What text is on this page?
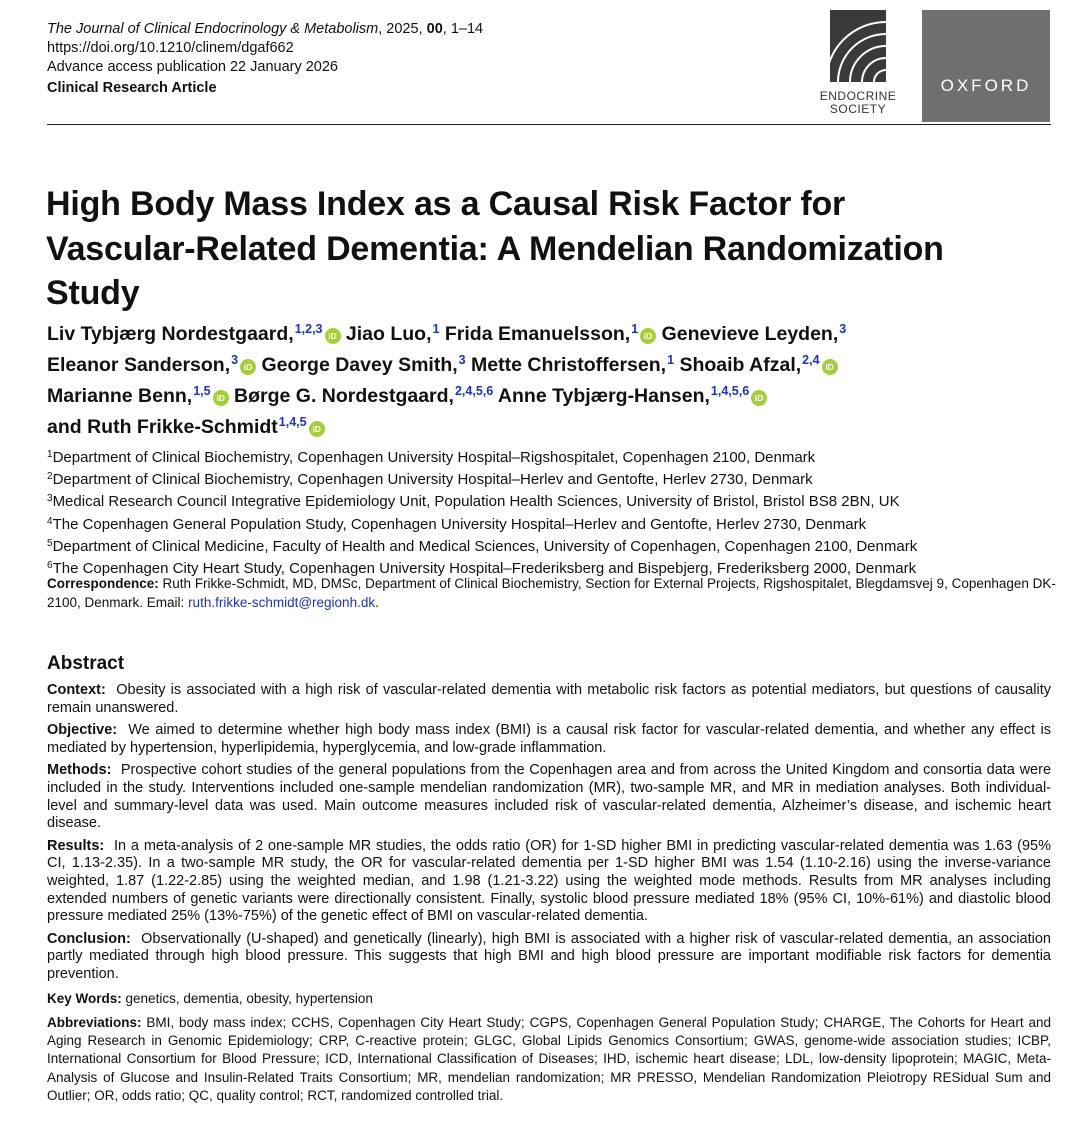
The Journal of Clinical Endocrinology & Metabolism, 2025, 00, 1–14
https://doi.org/10.1210/clinem/dgaf662
Advance access publication 22 January 2026
Clinical Research Article	ENDOCRINE
SOCIETY
OXFORD
High Body Mass Index as a Causal Risk Factor for Vascular-Related Dementia: A Mendelian Randomization Study
Liv Tybjærg Nordestgaard,$^{1,2,3}$ iD Jiao Luo,$^1$ Frida Emanuelsson,$^1$ iD Genevieve Leyden,$^3$
Eleanor Sanderson,$^3$ iD George Davey Smith,$^3$ Mette Christoffersen,$^1$ Shoaib Afzal,$^{2,4}$ iD
Marianne Benn,$^{1,5}$ iD Børge G. Nordestgaard,$^{2,4,5,6}$ Anne Tybjærg-Hansen,$^{1,4,5,6}$ iD
and Ruth Frikke-Schmidt$^{1,4,5}$ iD
$^1$Department of Clinical Biochemistry, Copenhagen University Hospital–Rigshospitalet, Copenhagen 2100, Denmark
$^2$Department of Clinical Biochemistry, Copenhagen University Hospital–Herlev and Gentofte, Herlev 2730, Denmark
$^3$Medical Research Council Integrative Epidemiology Unit, Population Health Sciences, University of Bristol, Bristol BS8 2BN, UK
$^4$The Copenhagen General Population Study, Copenhagen University Hospital–Herlev and Gentofte, Herlev 2730, Denmark
$^5$Department of Clinical Medicine, Faculty of Health and Medical Sciences, University of Copenhagen, Copenhagen 2100, Denmark
$^6$The Copenhagen City Heart Study, Copenhagen University Hospital–Frederiksberg and Bispebjerg, Frederiksberg 2000, Denmark
Correspondence: Ruth Frikke-Schmidt, MD, DMSc, Department of Clinical Biochemistry, Section for External Projects, Rigshospitalet, Blegdamsvej 9, Copenhagen DK-2100, Denmark. Email: ruth.frikke-schmidt@regionh.dk.
Abstract
Context: Obesity is associated with a high risk of vascular-related dementia with metabolic risk factors as potential mediators, but questions of causality remain unanswered.
Objective: We aimed to determine whether high body mass index (BMI) is a causal risk factor for vascular-related dementia, and whether any effect is mediated by hypertension, hyperlipidemia, hyperglycemia, and low-grade inflammation.
Methods: Prospective cohort studies of the general populations from the Copenhagen area and from across the United Kingdom and consortia data were included in the study. Interventions included one-sample mendelian randomization (MR), two-sample MR, and MR in mediation analyses. Both individual-level and summary-level data was used. Main outcome measures included risk of vascular-related dementia, Alzheimer’s disease, and ischemic heart disease.
Results: In a meta-analysis of 2 one-sample MR studies, the odds ratio (OR) for 1-SD higher BMI in predicting vascular-related dementia was 1.63 (95% CI, 1.13-2.35). In a two-sample MR study, the OR for vascular-related dementia per 1-SD higher BMI was 1.54 (1.10-2.16) using the inverse-variance weighted, 1.87 (1.22-2.85) using the weighted median, and 1.98 (1.21-3.22) using the weighted mode methods. Results from MR analyses including extended numbers of genetic variants were directionally consistent. Finally, systolic blood pressure mediated 18% (95% CI, 10%-61%) and diastolic blood pressure mediated 25% (13%-75%) of the genetic effect of BMI on vascular-related dementia.
Conclusion: Observationally (U-shaped) and genetically (linearly), high BMI is associated with a higher risk of vascular-related dementia, an association partly mediated through high blood pressure. This suggests that high BMI and high blood pressure are important modifiable risk factors for dementia prevention.
Key Words: genetics, dementia, obesity, hypertension
Abbreviations: BMI, body mass index; CCHS, Copenhagen City Heart Study; CGPS, Copenhagen General Population Study; CHARGE, The Cohorts for Heart and Aging Research in Genomic Epidemiology; CRP, C-reactive protein; GLGC, Global Lipids Genomics Consortium; GWAS, genome-wide association studies; ICBP, International Consortium for Blood Pressure; ICD, International Classification of Diseases; IHD, ischemic heart disease; LDL, low-density lipoprotein; MAGIC, Meta-Analysis of Glucose and Insulin-Related Traits Consortium; MR, mendelian randomization; MR PRESSO, Mendelian Randomization Pleiotropy RESidual Sum and Outlier; OR, odds ratio; QC, quality control; RCT, randomized controlled trial.
